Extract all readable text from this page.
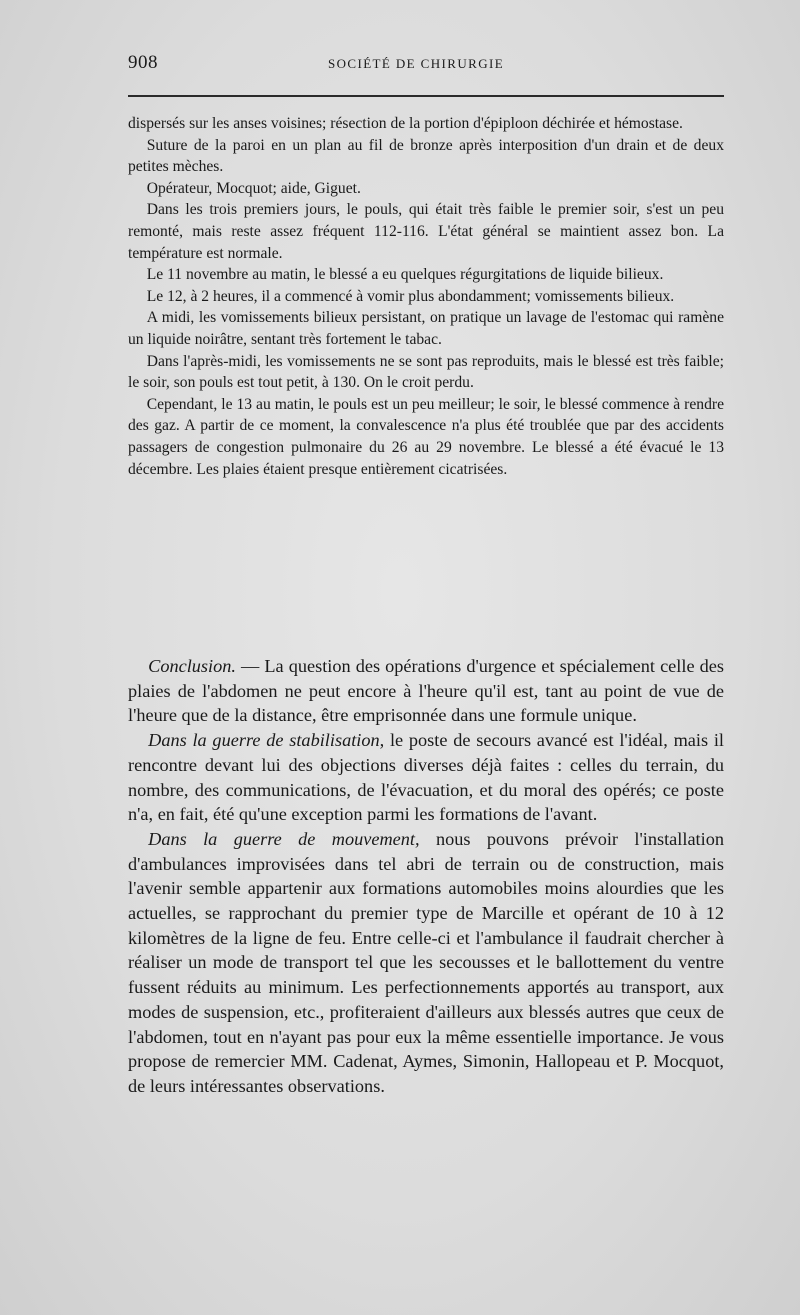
908	SOCIÉTÉ DE CHIRURGIE

dispersés sur les anses voisines; résection de la portion d'épiploon déchirée et hémostase.

Suture de la paroi en un plan au fil de bronze après interposition d'un drain et de deux petites mèches.

Opérateur, Mocquot; aide, Giguet.

Dans les trois premiers jours, le pouls, qui était très faible le premier soir, s'est un peu remonté, mais reste assez fréquent 112-116. L'état général se maintient assez bon. La température est normale.

Le 11 novembre au matin, le blessé a eu quelques régurgitations de liquide bilieux.

Le 12, à 2 heures, il a commencé à vomir plus abondamment; vomissements bilieux.

A midi, les vomissements bilieux persistant, on pratique un lavage de l'estomac qui ramène un liquide noirâtre, sentant très fortement le tabac.

Dans l'après-midi, les vomissements ne se sont pas reproduits, mais le blessé est très faible; le soir, son pouls est tout petit, à 130. On le croit perdu.

Cependant, le 13 au matin, le pouls est un peu meilleur; le soir, le blessé commence à rendre des gaz. A partir de ce moment, la convalescence n'a plus été troublée que par des accidents passagers de congestion pulmonaire du 26 au 29 novembre. Le blessé a été évacué le 13 décembre. Les plaies étaient presque entièrement cicatrisées.

Conclusion. — La question des opérations d'urgence et spécialement celle des plaies de l'abdomen ne peut encore à l'heure qu'il est, tant au point de vue de l'heure que de la distance, être emprisonnée dans une formule unique.

Dans la guerre de stabilisation, le poste de secours avancé est l'idéal, mais il rencontre devant lui des objections diverses déjà faites : celles du terrain, du nombre, des communications, de l'évacuation, et du moral des opérés; ce poste n'a, en fait, été qu'une exception parmi les formations de l'avant.

Dans la guerre de mouvement, nous pouvons prévoir l'installation d'ambulances improvisées dans tel abri de terrain ou de construction, mais l'avenir semble appartenir aux formations automobiles moins alourdies que les actuelles, se rapprochant du premier type de Marcille et opérant de 10 à 12 kilomètres de la ligne de feu. Entre celle-ci et l'ambulance il faudrait chercher à réaliser un mode de transport tel que les secousses et le ballottement du ventre fussent réduits au minimum. Les perfectionnements apportés au transport, aux modes de suspension, etc., profiteraient d'ailleurs aux blessés autres que ceux de l'abdomen, tout en n'ayant pas pour eux la même essentielle importance. Je vous propose de remercier MM. Cadenat, Aymes, Simonin, Hallopeau et P. Mocquot, de leurs intéressantes observations.
